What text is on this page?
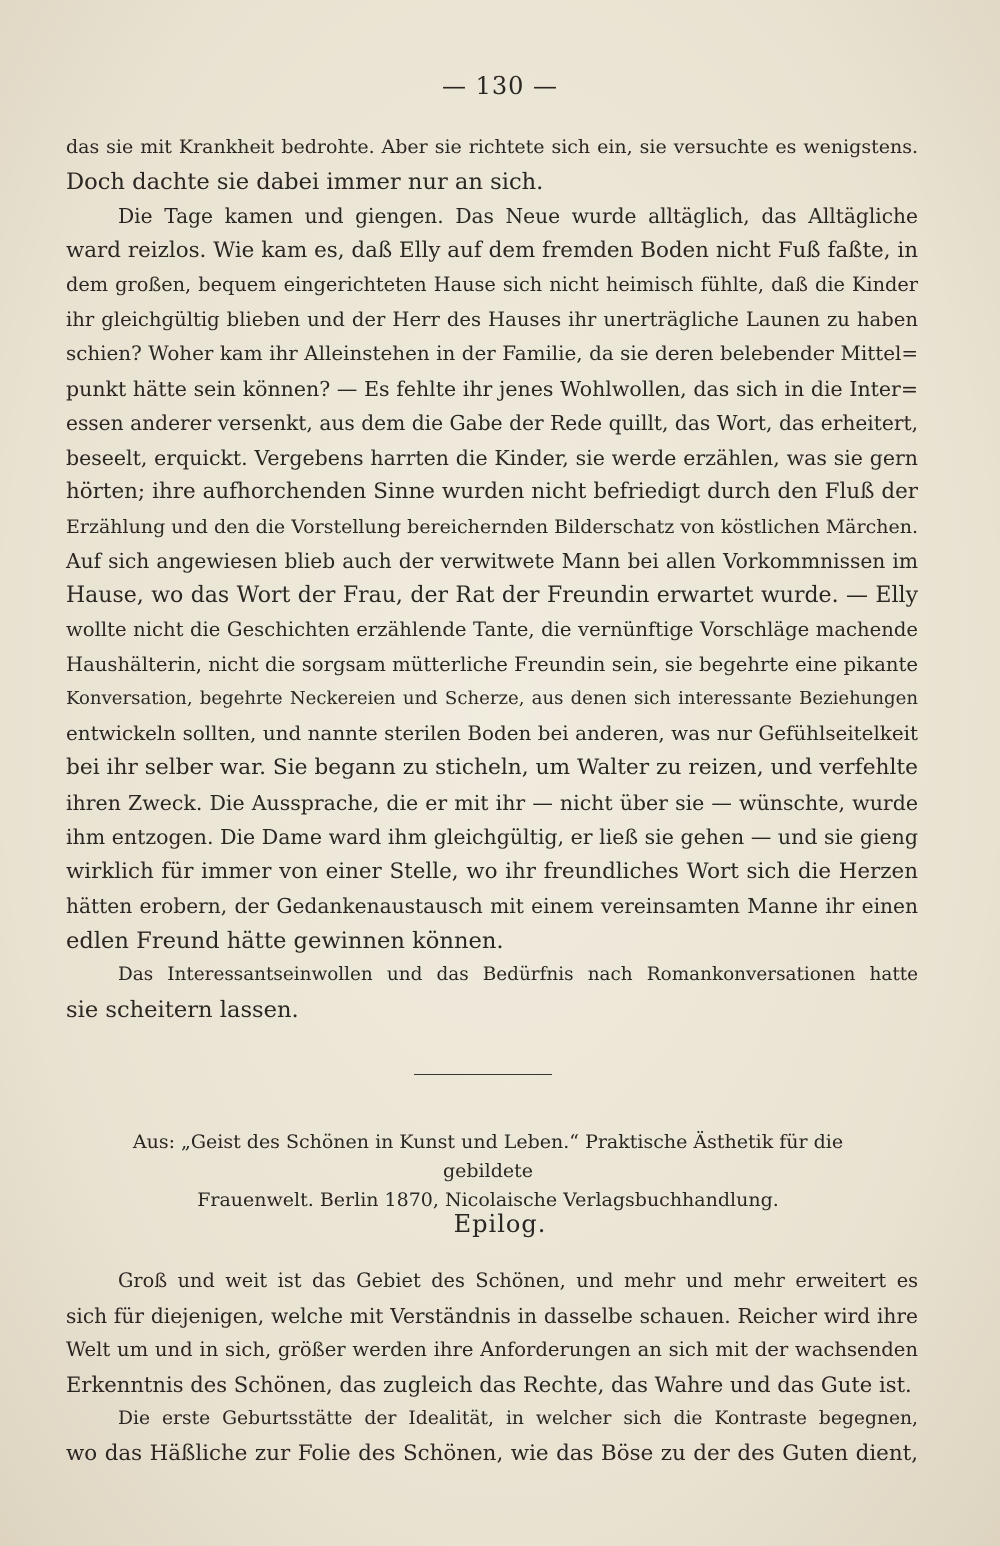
— 130 —
das sie mit Krankheit bedrohte. Aber sie richtete sich ein, sie versuchte es wenigstens.
Doch dachte sie dabei immer nur an sich.
Die Tage kamen und giengen. Das Neue wurde alltäglich, das Alltägliche
ward reizlos. Wie kam es, daß Elly auf dem fremden Boden nicht Fuß faßte, in
dem großen, bequem eingerichteten Hause sich nicht heimisch fühlte, daß die Kinder
ihr gleichgültig blieben und der Herr des Hauses ihr unerträgliche Launen zu haben
schien? Woher kam ihr Alleinstehen in der Familie, da sie deren belebender Mittel=
punkt hätte sein können? — Es fehlte ihr jenes Wohlwollen, das sich in die Inter=
essen anderer versenkt, aus dem die Gabe der Rede quillt, das Wort, das erheitert,
beseelt, erquickt. Vergebens harrten die Kinder, sie werde erzählen, was sie gern
hörten; ihre aufhorchenden Sinne wurden nicht befriedigt durch den Fluß der
Erzählung und den die Vorstellung bereichernden Bilderschatz von köstlichen Märchen.
Auf sich angewiesen blieb auch der verwitwete Mann bei allen Vorkommnissen im
Hause, wo das Wort der Frau, der Rat der Freundin erwartet wurde. — Elly
wollte nicht die Geschichten erzählende Tante, die vernünftige Vorschläge machende
Haushälterin, nicht die sorgsam mütterliche Freundin sein, sie begehrte eine pikante
Konversation, begehrte Neckereien und Scherze, aus denen sich interessante Beziehungen
entwickeln sollten, und nannte sterilen Boden bei anderen, was nur Gefühlseitelkeit
bei ihr selber war. Sie begann zu sticheln, um Walter zu reizen, und verfehlte
ihren Zweck. Die Aussprache, die er mit ihr — nicht über sie — wünschte, wurde
ihm entzogen. Die Dame ward ihm gleichgültig, er ließ sie gehen — und sie gieng
wirklich für immer von einer Stelle, wo ihr freundliches Wort sich die Herzen
hätten erobern, der Gedankenaustausch mit einem vereinsamten Manne ihr einen
edlen Freund hätte gewinnen können.
Das Interessantseinwollen und das Bedürfnis nach Romankonversationen hatte
sie scheitern lassen.
Aus: „Geist des Schönen in Kunst und Leben.“ Praktische Ästhetik für die gebildete
Frauenwelt. Berlin 1870, Nicolaische Verlagsbuchhandlung.
Epilog.
Groß und weit ist das Gebiet des Schönen, und mehr und mehr erweitert es
sich für diejenigen, welche mit Verständnis in dasselbe schauen. Reicher wird ihre
Welt um und in sich, größer werden ihre Anforderungen an sich mit der wachsenden
Erkenntnis des Schönen, das zugleich das Rechte, das Wahre und das Gute ist.
Die erste Geburtsstätte der Idealität, in welcher sich die Kontraste begegnen,
wo das Häßliche zur Folie des Schönen, wie das Böse zu der des Guten dient,
